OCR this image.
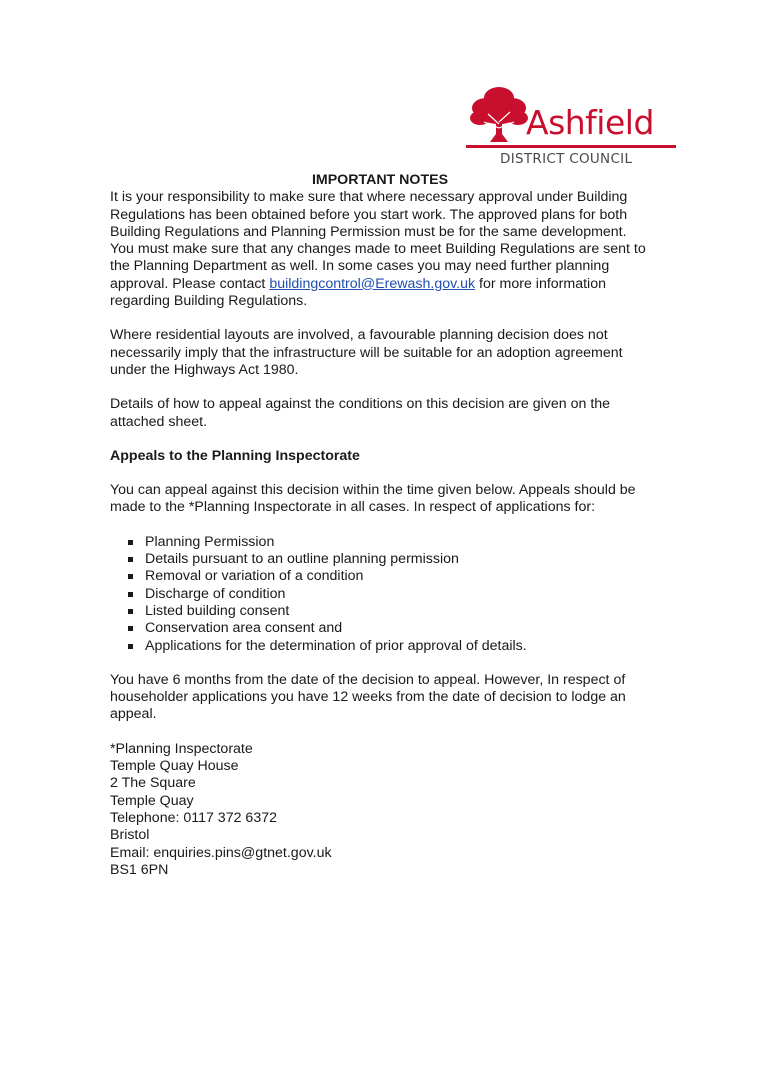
Ashfield
DISTRICT COUNCIL

IMPORTANT NOTES

It is your responsibility to make sure that where necessary approval under Building Regulations has been obtained before you start work. The approved plans for both Building Regulations and Planning Permission must be for the same development. You must make sure that any changes made to meet Building Regulations are sent to the Planning Department as well. In some cases you may need further planning approval. Please contact buildingcontrol@Erewash.gov.uk for more information regarding Building Regulations.

Where residential layouts are involved, a favourable planning decision does not necessarily imply that the infrastructure will be suitable for an adoption agreement under the Highways Act 1980.

Details of how to appeal against the conditions on this decision are given on the attached sheet.

Appeals to the Planning Inspectorate

You can appeal against this decision within the time given below. Appeals should be made to the *Planning Inspectorate in all cases. In respect of applications for:

Planning Permission
Details pursuant to an outline planning permission
Removal or variation of a condition
Discharge of condition
Listed building consent
Conservation area consent and
Applications for the determination of prior approval of details.

You have 6 months from the date of the decision to appeal. However, In respect of householder applications you have 12 weeks from the date of decision to lodge an appeal.

*Planning Inspectorate

Temple Quay House

2 The Square

Temple Quay

Telephone: 0117 372 6372

Bristol

Email: enquiries.pins@gtnet.gov.uk

BS1 6PN
